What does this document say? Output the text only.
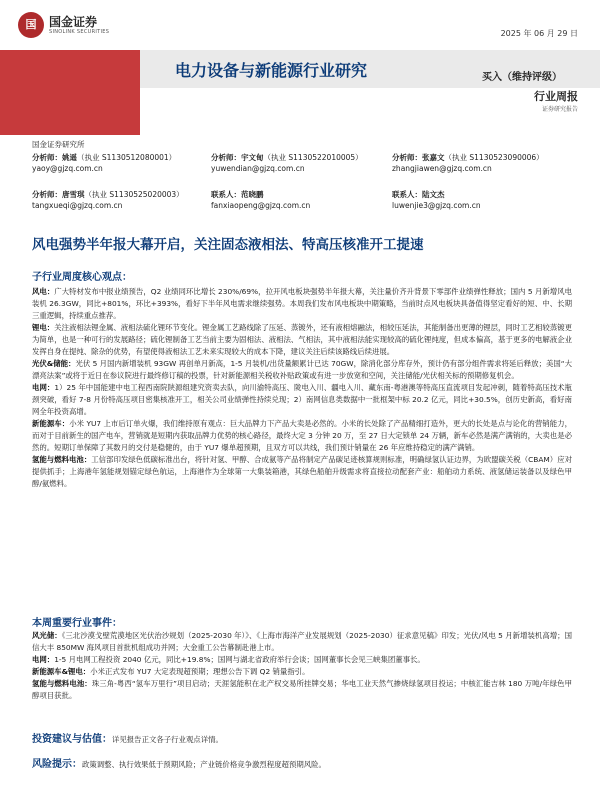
国	国金证券
SINOLINK SECURITIES	2025 年 06 月 29 日
电力设备与新能源行业研究	买入（维持评级）
行业周报
证券研究报告
国金证券研究所
分析师：姚遥（执业 S1130512080001）
yaoy@gjzq.com.cn
分析师：宇文甸（执业 S1130522010005）
yuwendian@gjzq.com.cn
分析师：张嘉文（执业 S1130523090006）
zhangjiawen@gjzq.com.cn
分析师：唐雪琪（执业 S1130525020003）
tangxueqi@gjzq.com.cn
联系人：范晓鹏
fanxiaopeng@gjzq.com.cn
联系人：陆文杰
luwenjie3@gjzq.com.cn
风电强势半年报大幕开启，关注固态液相法、特高压核准开工提速
子行业周度核心观点：

风电：广大特材发布中报业绩预告，Q2 业绩同环比增长 230%/69%，拉开风电板块强势半年报大幕，关注量价齐升背景下零部件业绩弹性释放；国内 5 月新增风电装机 26.3GW，同比+801%，环比+393%，看好下半年风电需求继续强势。本周我们发布风电板块中期策略，当前时点风电板块具备值得坚定看好的短、中、长期三重逻辑，持续重点推荐。

锂电：关注液相法锂金属、液相法硫化锂环节变化。锂金属工艺路线除了压延、蒸镀外，还有液相熔融法，相较压延法，其能制备出更薄的锂层，同时工艺相较蒸镀更为简单，也是一种可行的发展路径；硫化锂制备工艺当前主要为固相法、液相法、气相法，其中液相法能实现较高的硫化锂纯度，但成本偏高，基于更多的电解液企业发挥自身在提纯、除杂的优势，有望使得液相法工艺未来实现较大的成本下降，建议关注后续该路线后续进展。

光伏&储能：光伏 5 月国内新增装机 93GW 再创单月新高，1-5 月装机/出货量额累计已达 70GW，除消化部分库存外，预计仍有部分组件需求将延后释放；美国“大漂亮法案”或将于近日在参议院进行最终修订稿的投票，针对新能源相关税收补贴政策或有进一步放宽和空间，关注储能/光伏相关标的预期修复机会。

电网：1）25 年中国能建中电工程西南院陕源组建究资卖去队，向川渝特高压、陇电入川、疆电入川、藏东南-粤港澳等特高压直流项目发起冲刺，随着特高压技术瓶颈突破，看好 7-8 月份特高压项目密集核准开工，相关公司业绩弹性持续兑现；2）南网信息类数据中一批框架中标 20.2 亿元，同比+30.5%，创历史新高，看好南网全年投资高增。

新能源车：小米 YU7 上市后订单火爆，我们维持原有观点：巨大品牌力下产品大卖是必然的。小米的长处除了产品精细打造外，更大的长处是点与论化的营销能力，而对于目前新生的国产电车，营销就是短期内获取品牌力优势的核心路径，最终大定 3 分钟 20 万，至 27 日大定锁单 24 万辆，新车必然是满产满销的，大卖也是必然的。短期订单保障了其数月的交付是稳健的，由于 YU7 爆单超预期，且双方可以共线，我们预计销量在 26 年应维持稳定的满产满销。

氢能与燃料电池：工信部印发绿色低碳标准出台，将针对氢、甲醇、合成氨等产品将制定产品碳足迹核算规则标准，明确绿氢认证边界，为欧盟碳关税（CBAM）应对提供抓手；上海港年氢能规划锚定绿色航运，上海港作为全球第一大集装箱港，其绿色船舶升级需求将直接拉动配套产业：船舶动力系统、液氢储运装备以及绿色甲醇/氨燃料。

本周重要行业事件：

风光储：《三北沙漠戈壁荒漠地区光伏治沙规划（2025-2030 年）》、《上海市海洋产业发展规划（2025-2030）征求意见稿》印发；光伏/风电 5 月新增装机高增；国信大丰 850MW 海风项目首批机组成功并网；大金重工公告幕制赴港上市。

电网：1-5 月电网工程投资 2040 亿元，同比+19.8%；国网与湖北省政府举行会谈；国网董事长会见三峡集团董事长。

新能源车&锂电：小米正式发布 YU7 大定表现超预期；理想公告下调 Q2 销量指引。

氢能与燃料电池：珠三角-粤西“氢车万里行”项目启动；天涯氢能积在北产权交易所挂牌交易；华电工业天然气掺烧绿氢项目投运；中核汇能吉林 180 万吨/年绿色甲醇项目获批。

投资建议与估值：详见报告正文各子行业观点详情。
风险提示：政策调整、执行效果低于预期风险；产业链价格竞争激烈程度超预期风险。
